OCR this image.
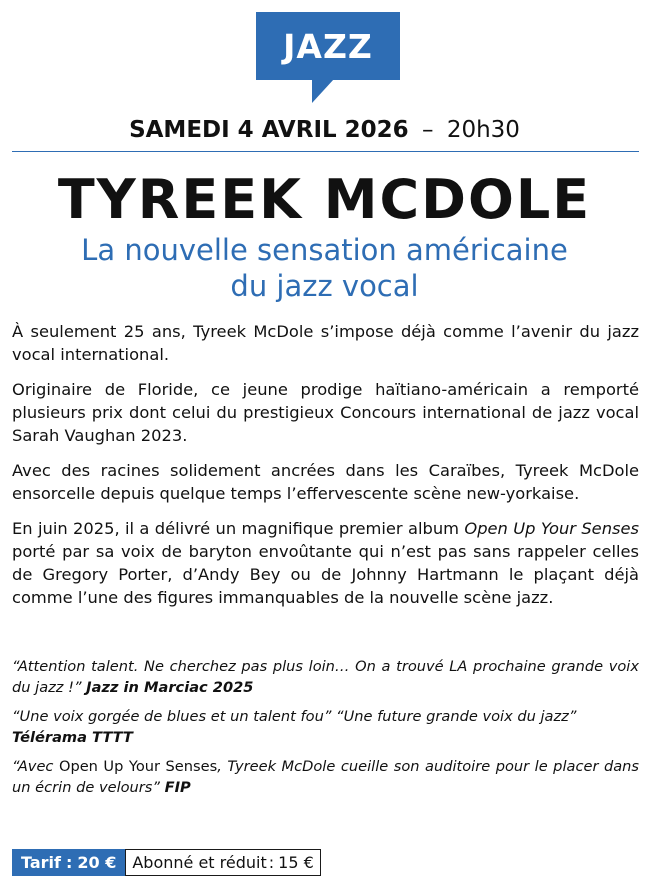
JAZZ
SAMEDI 4 AVRIL 2026 – 20h30
TYREEK MCDOLE
La nouvelle sensation américaine
du jazz vocal

À seulement 25 ans, Tyreek McDole s’impose déjà comme l’avenir du jazz vocal international.

Originaire de Floride, ce jeune prodige haïtiano-américain a remporté plusieurs prix dont celui du prestigieux Concours international de jazz vocal Sarah Vaughan 2023.

Avec des racines solidement ancrées dans les Caraïbes, Tyreek McDole ensorcelle depuis quelque temps l’effervescente scène new-yorkaise.

En juin 2025, il a délivré un magnifique premier album Open Up Your Senses porté par sa voix de baryton envoûtante qui n’est pas sans rappeler celles de Gregory Porter, d’Andy Bey ou de Johnny Hartmann le plaçant déjà comme l’une des figures immanquables de la nouvelle scène jazz.

“Attention talent. Ne cherchez pas plus loin… On a trouvé LA prochaine grande voix du jazz !” Jazz in Marciac 2025

“Une voix gorgée de blues et un talent fou” “Une future grande voix du jazz”
Télérama TTTT

“Avec Open Up Your Senses, Tyreek McDole cueille son auditoire pour le placer dans un écrin de velours” FIP

Tarif : 20 € Abonné et réduit : 15 €
